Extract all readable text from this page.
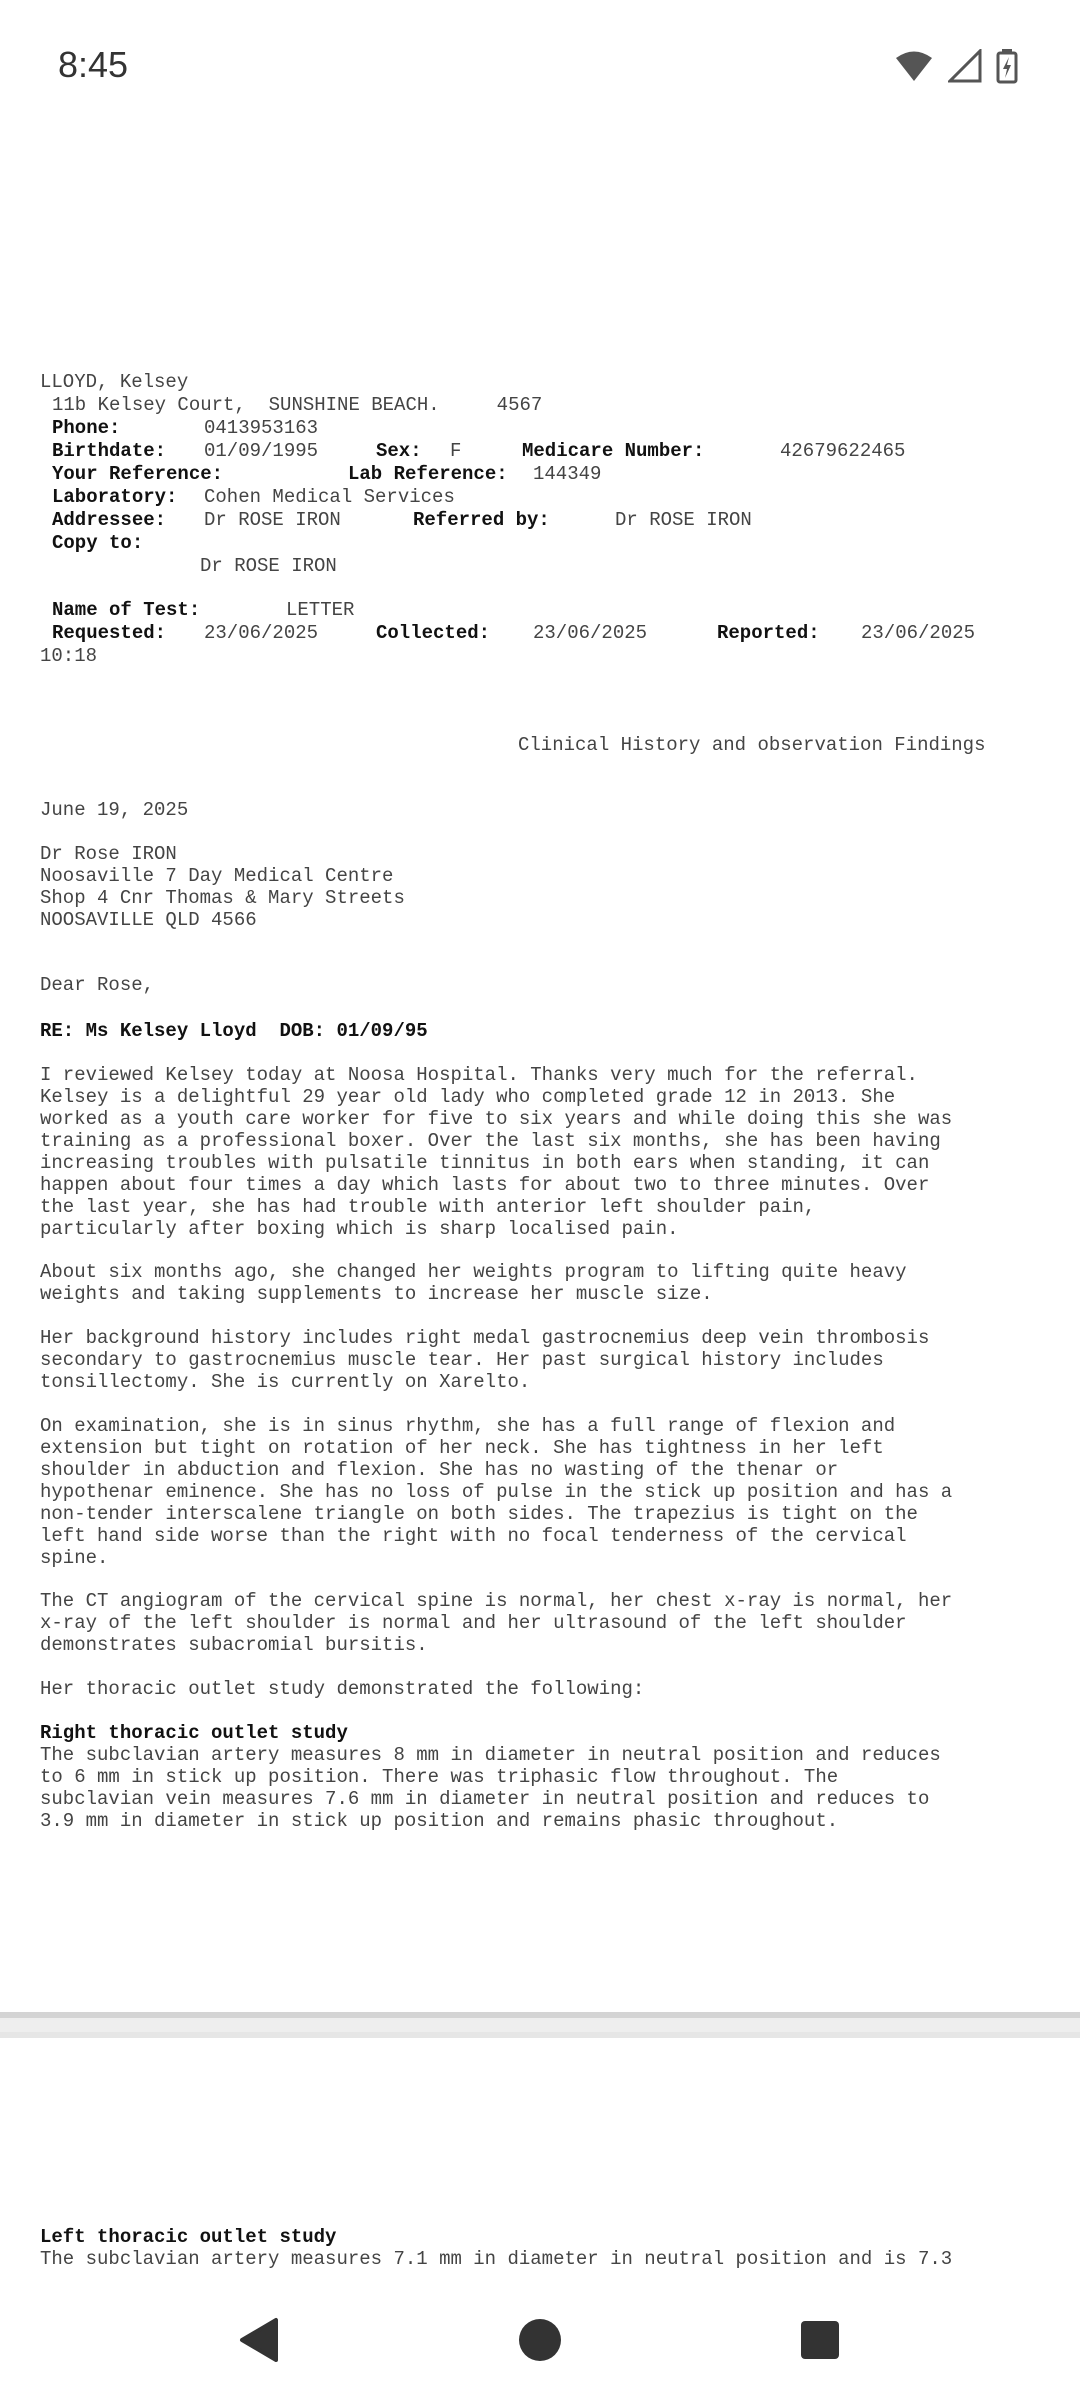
8:45
LLOYD, Kelsey
11b Kelsey Court,  SUNSHINE BEACH.     4567
Phone:	0413953163
Birthdate: 01/09/1995	Sex: F	Medicare Number:	42679622465
Your Reference:	Lab Reference: 144349
Laboratory: Cohen Medical Services
Addressee: Dr ROSE IRON	Referred by:	Dr ROSE IRON
Copy to:
Dr ROSE IRON
Name of Test:	LETTER
Requested: 23/06/2025	Collected: 23/06/2025	Reported: 23/06/2025
10:18
Clinical History and observation Findings
June 19, 2025
Dr Rose IRON
Noosaville 7 Day Medical Centre
Shop 4 Cnr Thomas & Mary Streets
NOOSAVILLE QLD 4566
Dear Rose,
RE: Ms Kelsey Lloyd  DOB: 01/09/95
I reviewed Kelsey today at Noosa Hospital. Thanks very much for the referral.
Kelsey is a delightful 29 year old lady who completed grade 12 in 2013. She
worked as a youth care worker for five to six years and while doing this she was
training as a professional boxer. Over the last six months, she has been having
increasing troubles with pulsatile tinnitus in both ears when standing, it can
happen about four times a day which lasts for about two to three minutes. Over
the last year, she has had trouble with anterior left shoulder pain,
particularly after boxing which is sharp localised pain.
About six months ago, she changed her weights program to lifting quite heavy
weights and taking supplements to increase her muscle size.
Her background history includes right medal gastrocnemius deep vein thrombosis
secondary to gastrocnemius muscle tear. Her past surgical history includes
tonsillectomy. She is currently on Xarelto.
On examination, she is in sinus rhythm, she has a full range of flexion and
extension but tight on rotation of her neck. She has tightness in her left
shoulder in abduction and flexion. She has no wasting of the thenar or
hypothenar eminence. She has no loss of pulse in the stick up position and has a
non-tender interscalene triangle on both sides. The trapezius is tight on the
left hand side worse than the right with no focal tenderness of the cervical
spine.
The CT angiogram of the cervical spine is normal, her chest x-ray is normal, her
x-ray of the left shoulder is normal and her ultrasound of the left shoulder
demonstrates subacromial bursitis.
Her thoracic outlet study demonstrated the following:
Right thoracic outlet study
The subclavian artery measures 8 mm in diameter in neutral position and reduces
to 6 mm in stick up position. There was triphasic flow throughout. The
subclavian vein measures 7.6 mm in diameter in neutral position and reduces to
3.9 mm in diameter in stick up position and remains phasic throughout.
Left thoracic outlet study
The subclavian artery measures 7.1 mm in diameter in neutral position and is 7.3
